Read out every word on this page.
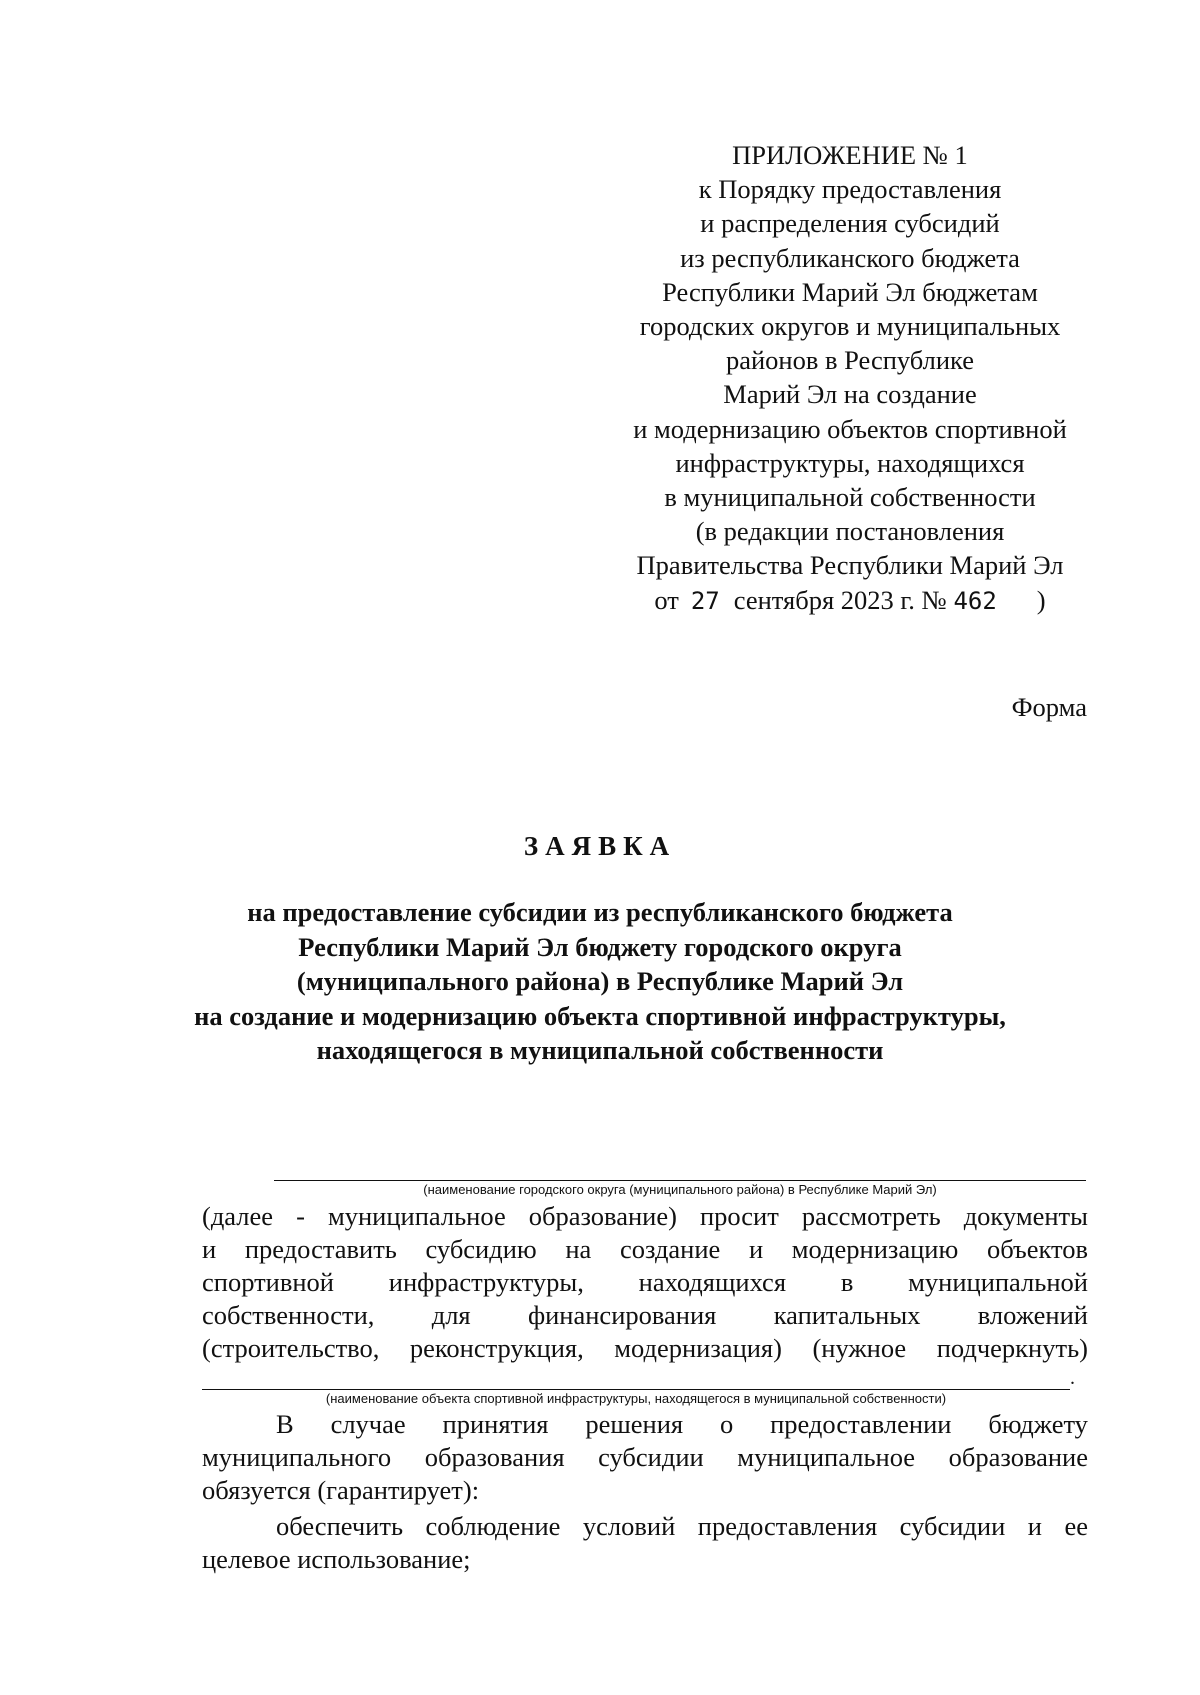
ПРИЛОЖЕНИЕ № 1
к Порядку предоставления
и распределения субсидий
из республиканского бюджета
Республики Марий Эл бюджетам
городских округов и муниципальных
районов в Республике
Марий Эл на создание
и модернизацию объектов спортивной
инфраструктуры, находящихся
в муниципальной собственности
(в редакции постановления
Правительства Республики Марий Эл
от 27 сентября 2023 г. № 462 )
Форма
ЗАЯВКА
на предоставление субсидии из республиканского бюджета
Республики Марий Эл бюджету городского округа
(муниципального района) в Республике Марий Эл
на создание и модернизацию объекта спортивной инфраструктуры,
находящегося в муниципальной собственности
(наименование городского округа (муниципального района) в Республике Марий Эл)
(далее - муниципальное образование) просит рассмотреть документы
и предоставить субсидию на создание и модернизацию объектов
спортивной инфраструктуры, находящихся в муниципальной
собственности, для финансирования капитальных вложений
(строительство, реконструкция, модернизация) (нужное подчеркнуть)
.
(наименование объекта спортивной инфраструктуры, находящегося в муниципальной собственности)
В случае принятия решения о предоставлении бюджету
муниципального образования субсидии муниципальное образование
обязуется (гарантирует):
обеспечить соблюдение условий предоставления субсидии и ее
целевое использование;
